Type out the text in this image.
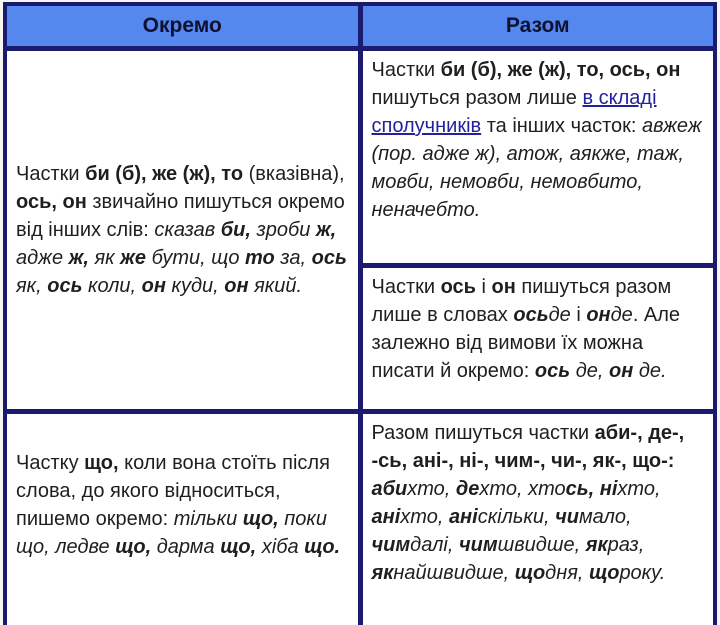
Окремо	Разом
Частки би (б), же (ж), то (вказівна), ось, он звичайно пишуться окремо від інших слів: сказав би, зроби ж, адже ж, як же бути, що то за, ось як, ось коли, он куди, он який.
Частки би (б), же (ж), то, ось, он пишуться разом лише в складі сполучників та інших часток: авжеж (пор. адже ж), атож, аякже, таж, мовби, немовби, немовбито, неначебто.
Частки ось і он пишуться разом лише в словах осьде і онде. Але залежно від вимови їх можна писати й окремо: ось де, он де.
Частку що, коли вона стоїть після слова, до якого відноситься, пишемо окремо: тільки що, поки що, ледве що, дарма що, хіба що.
Разом пишуться частки аби-, де-, -сь, ані-, ні-, чим-, чи-, як-, що-: абихто, дехто, хтось, ніхто, аніхто, аніскільки, чимало, чимдалі, чимшвидше, якраз, якнайшвидше, щодня, щороку.
